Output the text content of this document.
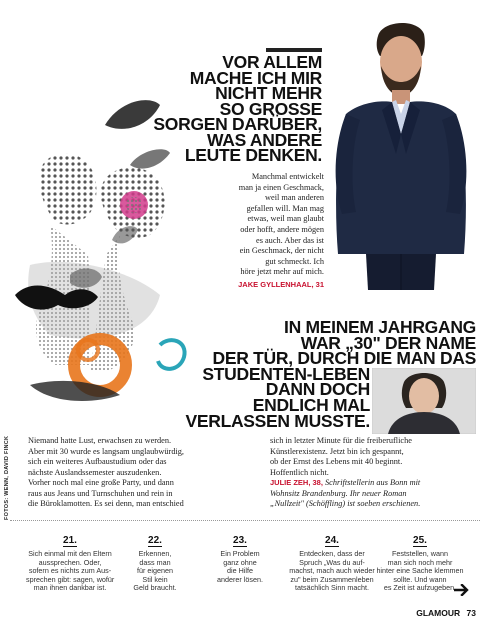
FOTOS: WENN, DAVID FINCK
VOR ALLEM
MACHE ICH MIR
NICHT MEHR
SO GROSSE
SORGEN DARÜBER,
WAS ANDERE
LEUTE DENKEN.
Manchmal entwickelt
man ja einen Geschmack,
weil man anderen
gefallen will. Man mag
etwas, weil man glaubt
oder hofft, andere mögen
es auch. Aber das ist
ein Geschmack, der nicht
gut schmeckt. Ich
höre jetzt mehr auf mich.
JAKE GYLLENHAAL, 31
IN MEINEM JAHRGANG
WAR „30" DER NAME
DER TÜR, DURCH DIE MAN DAS
STUDENTEN-LEBEN
DANN DOCH
ENDLICH MAL
VERLASSEN MUSSTE.
Niemand hatte Lust, erwachsen zu werden.
Aber mit 30 wurde es langsam unglaubwürdig,
sich ein weiteres Aufbaustudium oder das
nächste Auslandssemester auszudenken.
Vorher noch mal eine große Party, und dann
raus aus Jeans und Turnschuhen und rein in
die Büroklamotten. Es sei denn, man entschied
sich in letzter Minute für die freiberufliche
Künstlerexistenz. Jetzt bin ich gespannt,
ob der Ernst des Lebens mit 40 beginnt.
Hoffentlich nicht.
JULIE ZEH, 38, Schriftstellerin aus Bonn mit
Wohnsitz Brandenburg. Ihr neuer Roman
„Nullzeit" (Schöffling) ist soeben erschienen.
21.
Sich einmal mit den Eltern
aussprechen. Oder,
sofern es nichts zum Aus-
sprechen gibt: sagen, wofür
man ihnen dankbar ist.
22.
Erkennen,
dass man
für eigenen
Stil kein
Geld braucht.
23.
Ein Problem
ganz ohne
die Hilfe
anderer lösen.
24.
Entdecken, dass der
Spruch „Was du auf-
machst, mach auch wieder
zu" beim Zusammenleben
tatsächlich Sinn macht.
25.
Feststellen, wann
man sich noch mehr
hinter eine Sache klemmen
sollte. Und wann
es Zeit ist aufzugeben.
GLAMOUR 73
